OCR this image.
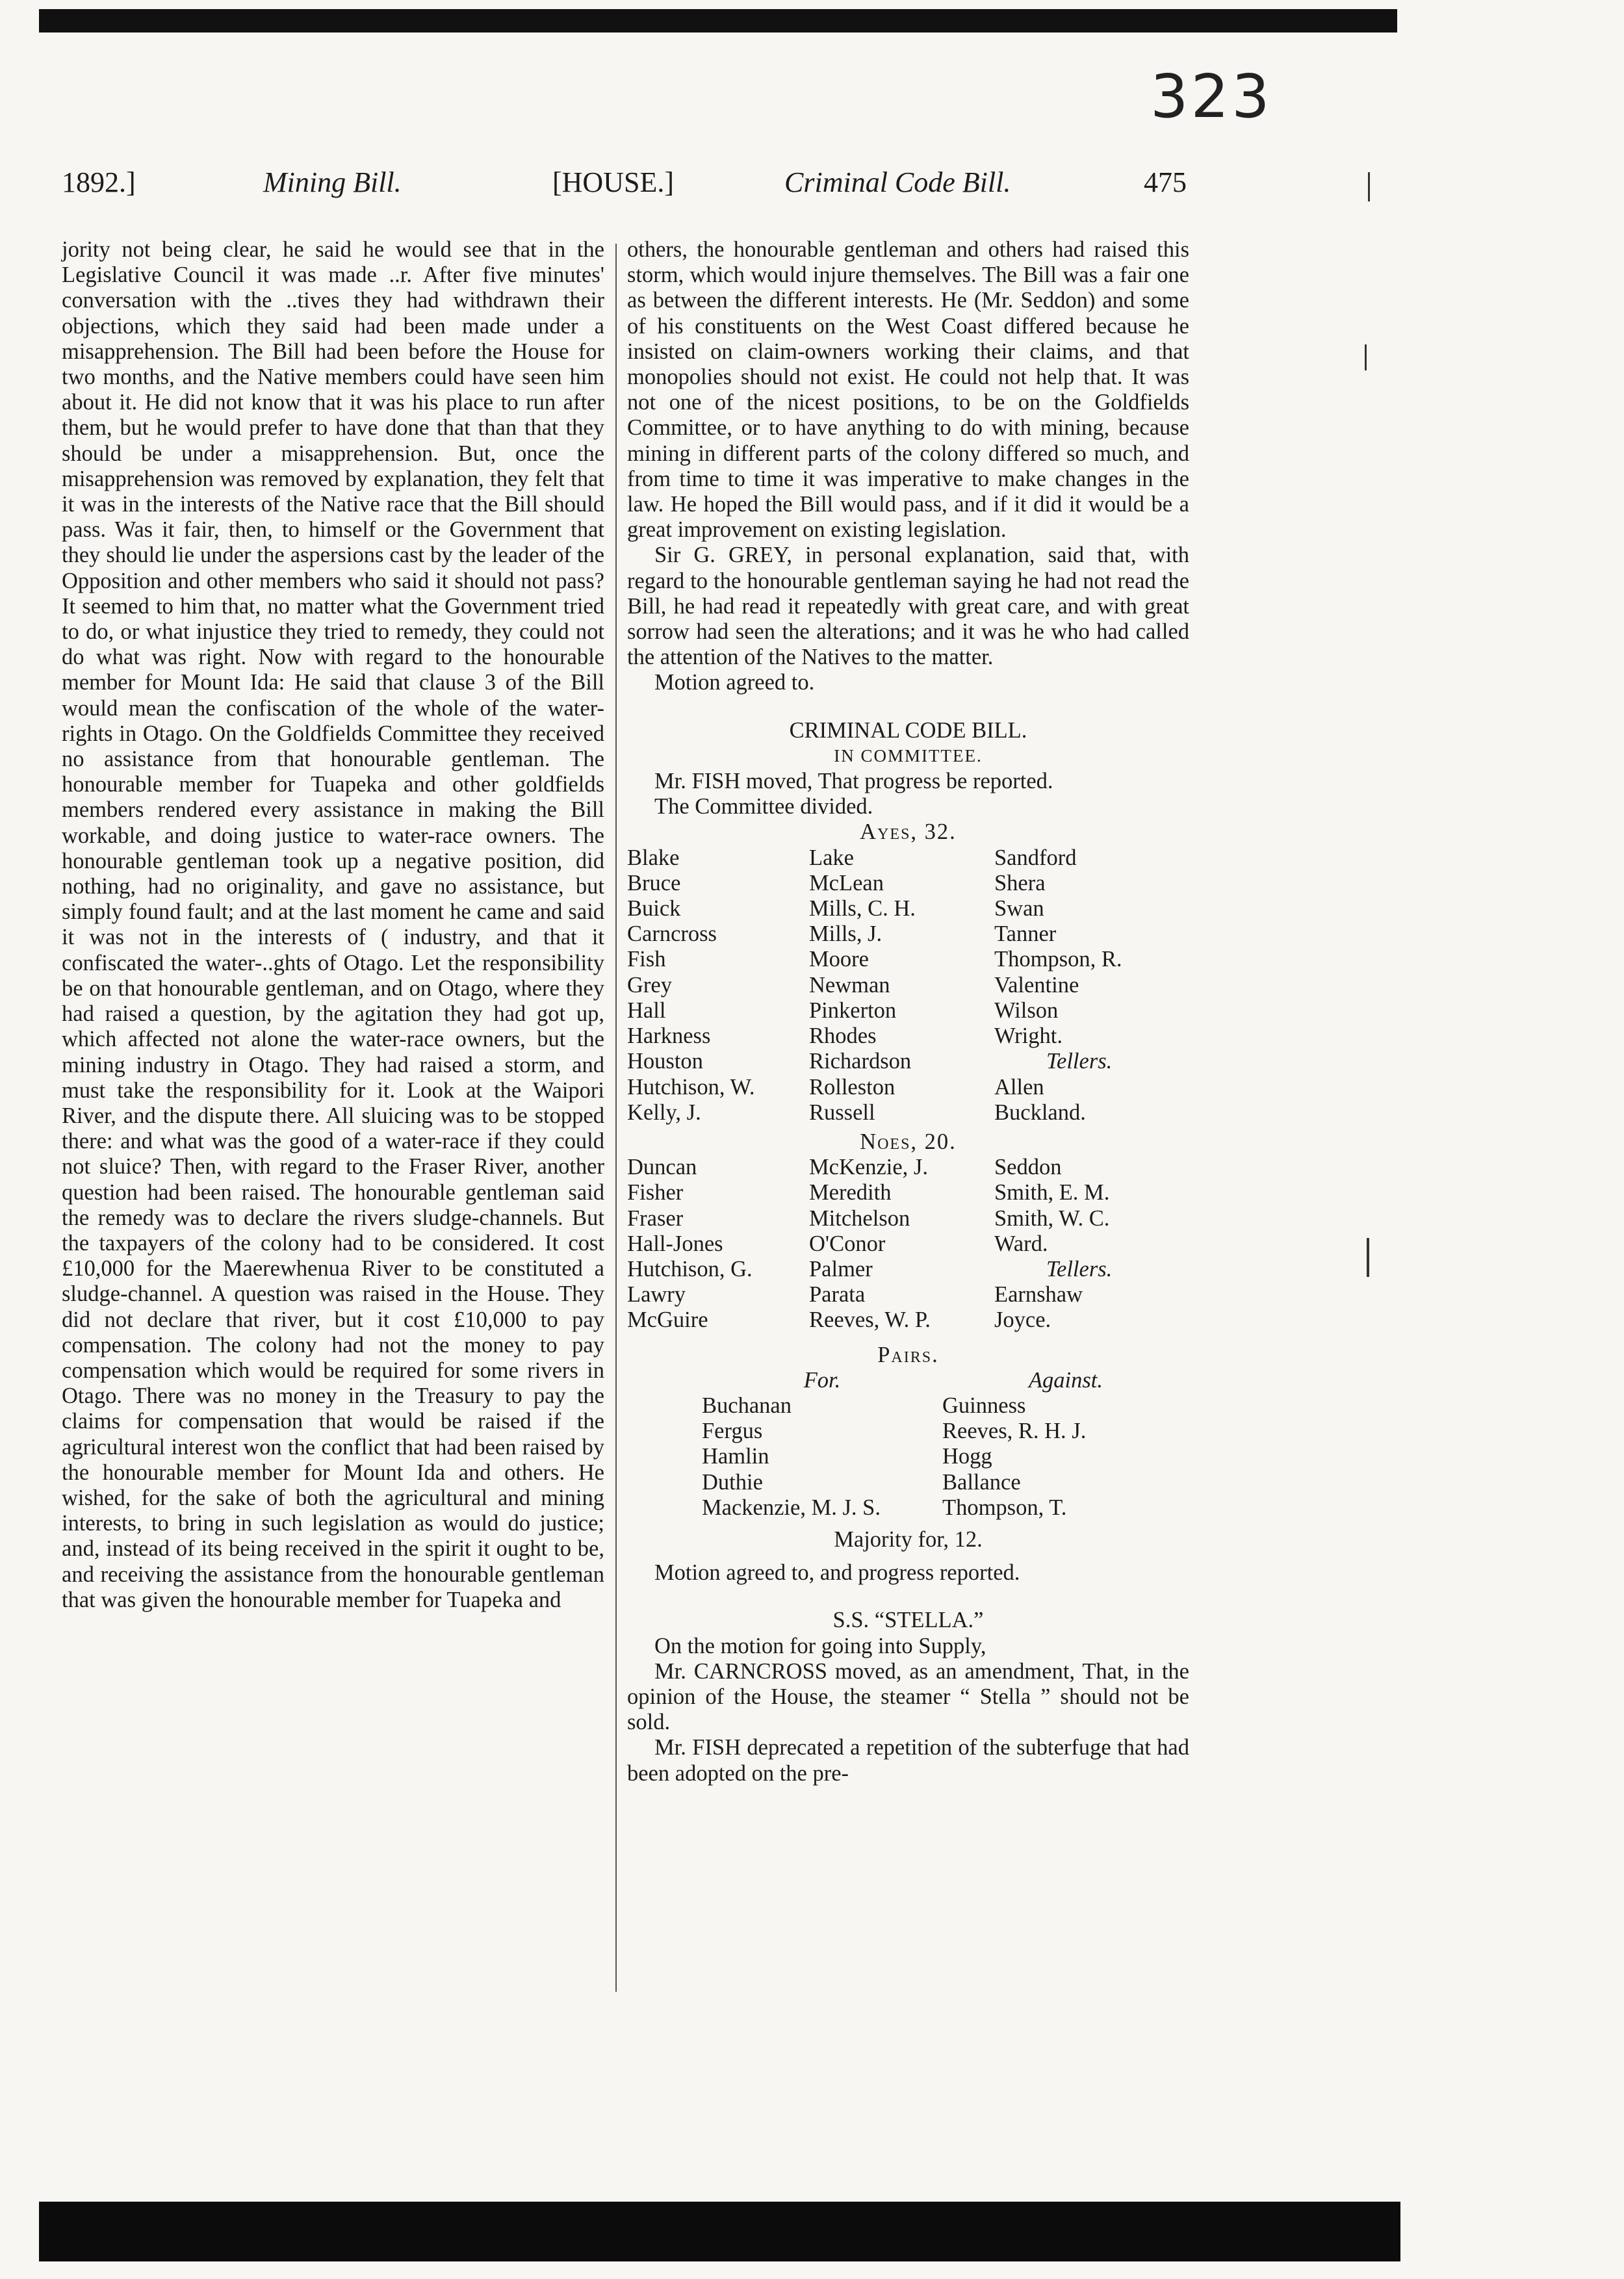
323
1892.]	Mining Bill.	[HOUSE.]	Criminal Code Bill.	475

jority not being clear, he said he would see that in the Legislative Council it was made ..r. After five minutes' conversation with the ..tives they had withdrawn their objections, which they said had been made under a misapprehension. The Bill had been before the House for two months, and the Native members could have seen him about it. He did not know that it was his place to run after them, but he would prefer to have done that than that they should be under a misapprehension. But, once the misapprehension was removed by explanation, they felt that it was in the interests of the Native race that the Bill should pass. Was it fair, then, to himself or the Government that they should lie under the aspersions cast by the leader of the Opposition and other members who said it should not pass? It seemed to him that, no matter what the Government tried to do, or what injustice they tried to remedy, they could not do what was right. Now with regard to the honourable member for Mount Ida: He said that clause 3 of the Bill would mean the confiscation of the whole of the water-rights in Otago. On the Goldfields Committee they received no assistance from that honourable gentleman. The honourable member for Tuapeka and other goldfields members rendered every assistance in making the Bill workable, and doing justice to water-race owners. The honourable gentleman took up a negative position, did nothing, had no originality, and gave no assistance, but simply found fault; and at the last moment he came and said it was not in the interests of ( industry, and that it confiscated the water-..ghts of Otago. Let the responsibility be on that honourable gentleman, and on Otago, where they had raised a question, by the agitation they had got up, which affected not alone the water-race owners, but the mining industry in Otago. They had raised a storm, and must take the responsibility for it. Look at the Waipori River, and the dispute there. All sluicing was to be stopped there: and what was the good of a water-race if they could not sluice? Then, with regard to the Fraser River, another question had been raised. The honourable gentleman said the remedy was to declare the rivers sludge-channels. But the taxpayers of the colony had to be considered. It cost £10,000 for the Maerewhenua River to be constituted a sludge-channel. A question was raised in the House. They did not declare that river, but it cost £10,000 to pay compensation. The colony had not the money to pay compensation which would be required for some rivers in Otago. There was no money in the Treasury to pay the claims for compensation that would be raised if the agricultural interest won the conflict that had been raised by the honourable member for Mount Ida and others. He wished, for the sake of both the agricultural and mining interests, to bring in such legislation as would do justice; and, instead of its being received in the spirit it ought to be, and receiving the assistance from the honourable gentleman that was given the honourable member for Tuapeka and

others, the honourable gentleman and others had raised this storm, which would injure themselves. The Bill was a fair one as between the different interests. He (Mr. Seddon) and some of his constituents on the West Coast differed because he insisted on claim-owners working their claims, and that monopolies should not exist. He could not help that. It was not one of the nicest positions, to be on the Goldfields Committee, or to have anything to do with mining, because mining in different parts of the colony differed so much, and from time to time it was imperative to make changes in the law. He hoped the Bill would pass, and if it did it would be a great improvement on existing legislation.

Sir G. GREY, in personal explanation, said that, with regard to the honourable gentleman saying he had not read the Bill, he had read it repeatedly with great care, and with great sorrow had seen the alterations; and it was he who had called the attention of the Natives to the matter.

Motion agreed to.

CRIMINAL CODE BILL.

IN COMMITTEE.

Mr. FISH moved, That progress be reported.

The Committee divided.

Ayes, 32.

Blake	Lake	Sandford
Bruce	McLean	Shera
Buick	Mills, C. H.	Swan
Carncross	Mills, J.	Tanner
Fish	Moore	Thompson, R.
Grey	Newman	Valentine
Hall	Pinkerton	Wilson
Harkness	Rhodes	Wright.
Houston	Richardson	Tellers.
Hutchison, W.	Rolleston	Allen
Kelly, J.	Russell	Buckland.

Noes, 20.

Duncan	McKenzie, J.	Seddon
Fisher	Meredith	Smith, E. M.
Fraser	Mitchelson	Smith, W. C.
Hall-Jones	O'Conor	Ward.
Hutchison, G.	Palmer	Tellers.
Lawry	Parata	Earnshaw
McGuire	Reeves, W. P.	Joyce.

Pairs.

For.	Against.
Buchanan	Guinness
Fergus	Reeves, R. H. J.
Hamlin	Hogg
Duthie	Ballance
Mackenzie, M. J. S.	Thompson, T.

Majority for, 12.

Motion agreed to, and progress reported.

S.S. “STELLA.”

On the motion for going into Supply,

Mr. CARNCROSS moved, as an amendment, That, in the opinion of the House, the steamer “ Stella ” should not be sold.

Mr. FISH deprecated a repetition of the subterfuge that had been adopted on the pre-
